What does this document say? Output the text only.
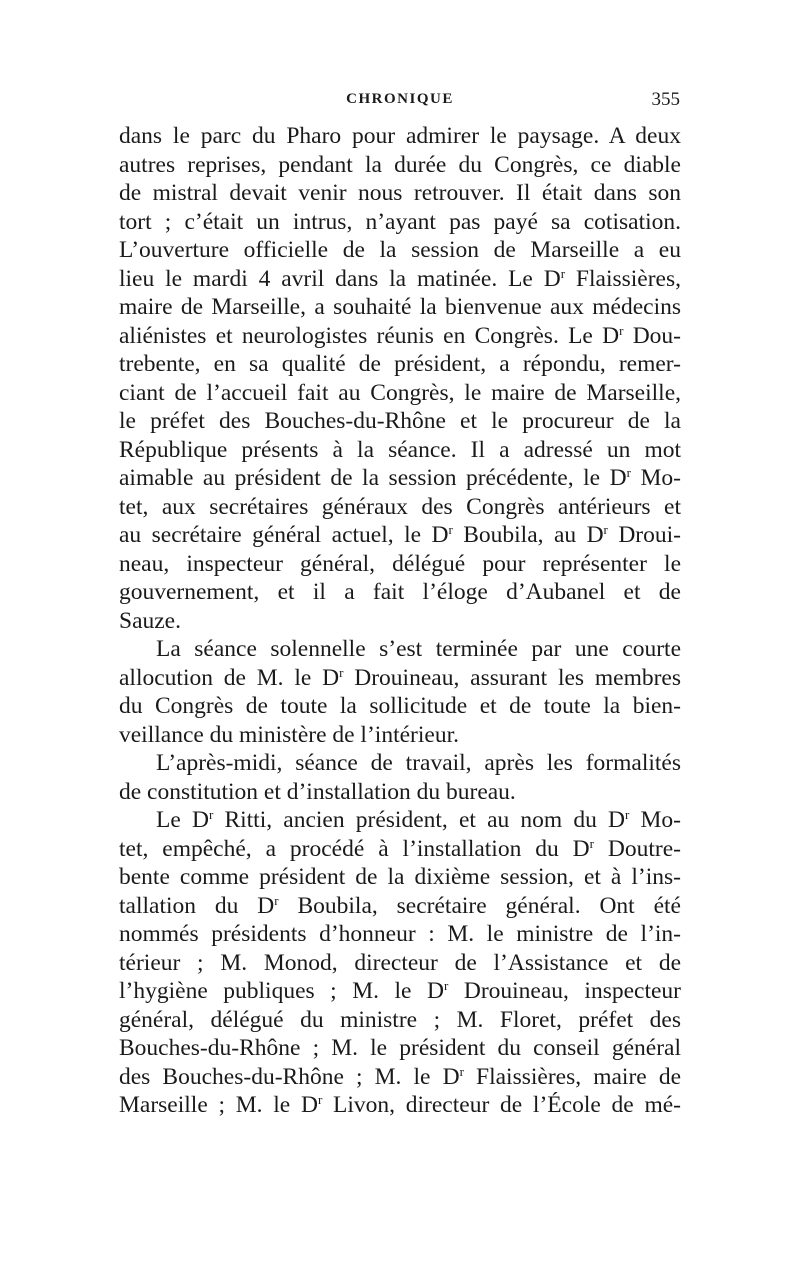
CHRONIQUE	355
dans le parc du Pharo pour admirer le paysage. A deux
autres reprises, pendant la durée du Congrès, ce diable
de mistral devait venir nous retrouver. Il était dans son
tort ; c’était un intrus, n’ayant pas payé sa cotisation.
L’ouverture officielle de la session de Marseille a eu
lieu le mardi 4 avril dans la matinée. Le $D^r$ Flaissières,
maire de Marseille, a souhaité la bienvenue aux médecins
aliénistes et neurologistes réunis en Congrès. Le $D^r$ Dou-
trebente, en sa qualité de président, a répondu, remer-
ciant de l’accueil fait au Congrès, le maire de Marseille,
le préfet des Bouches-du-Rhône et le procureur de la
République présents à la séance. Il a adressé un mot
aimable au président de la session précédente, le $D^r$ Mo-
tet, aux secrétaires généraux des Congrès antérieurs et
au secrétaire général actuel, le $D^r$ Boubila, au $D^r$ Droui-
neau, inspecteur général, délégué pour représenter le
gouvernement, et il a fait l’éloge d’Aubanel et de
Sauze.
La séance solennelle s’est terminée par une courte
allocution de M. le $D^r$ Drouineau, assurant les membres
du Congrès de toute la sollicitude et de toute la bien-
veillance du ministère de l’intérieur.
L’après-midi, séance de travail, après les formalités
de constitution et d’installation du bureau.
Le $D^r$ Ritti, ancien président, et au nom du $D^r$ Mo-
tet, empêché, a procédé à l’installation du $D^r$ Doutre-
bente comme président de la dixième session, et à l’ins-
tallation du $D^r$ Boubila, secrétaire général. Ont été
nommés présidents d’honneur : M. le ministre de l’in-
térieur ; M. Monod, directeur de l’Assistance et de
l’hygiène publiques ; M. le $D^r$ Drouineau, inspecteur
général, délégué du ministre ; M. Floret, préfet des
Bouches-du-Rhône ; M. le président du conseil général
des Bouches-du-Rhône ; M. le $D^r$ Flaissières, maire de
Marseille ; M. le $D^r$ Livon, directeur de l’École de mé-
